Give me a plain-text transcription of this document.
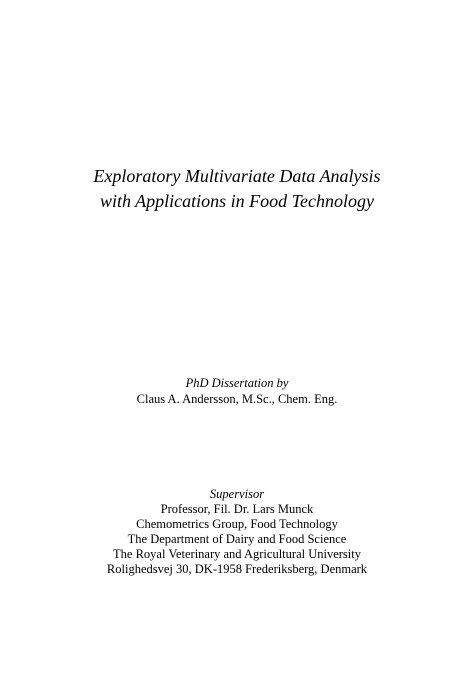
Exploratory Multivariate Data Analysis
with Applications in Food Technology
PhD Dissertation by
Claus A. Andersson, M.Sc., Chem. Eng.
Supervisor
Professor, Fil. Dr. Lars Munck
Chemometrics Group, Food Technology
The Department of Dairy and Food Science
The Royal Veterinary and Agricultural University
Rolighedsvej 30, DK-1958 Frederiksberg, Denmark
